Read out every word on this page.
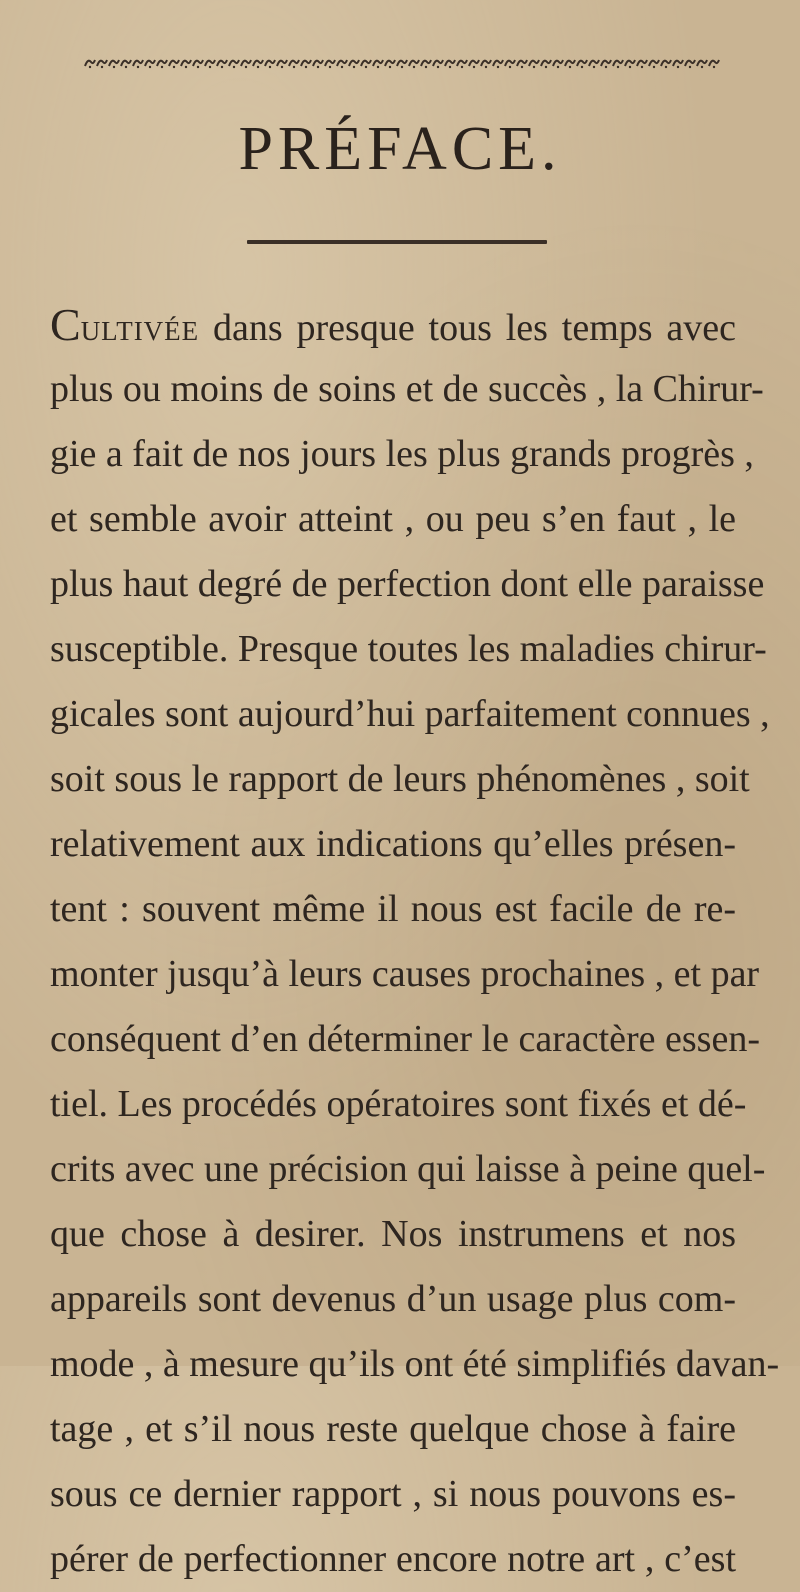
PRÉFACE.
Cultivée dans presque tous les temps avec
plus ou moins de soins et de succès , la Chirur-
gie a fait de nos jours les plus grands progrès ,
et semble avoir atteint , ou peu s’en faut , le
plus haut degré de perfection dont elle paraisse
susceptible. Presque toutes les maladies chirur-
gicales sont aujourd’hui parfaitement connues ,
soit sous le rapport de leurs phénomènes , soit
relativement aux indications qu’elles présen-
tent : souvent même il nous est facile de re-
monter jusqu’à leurs causes prochaines , et par
conséquent d’en déterminer le caractère essen-
tiel. Les procédés opératoires sont fixés et dé-
crits avec une précision qui laisse à peine quel-
que chose à desirer. Nos instrumens et nos
appareils sont devenus d’un usage plus com-
mode , à mesure qu’ils ont été simplifiés davan-
tage , et s’il nous reste quelque chose à faire
sous ce dernier rapport , si nous pouvons es-
pérer de perfectionner encore notre art , c’est
